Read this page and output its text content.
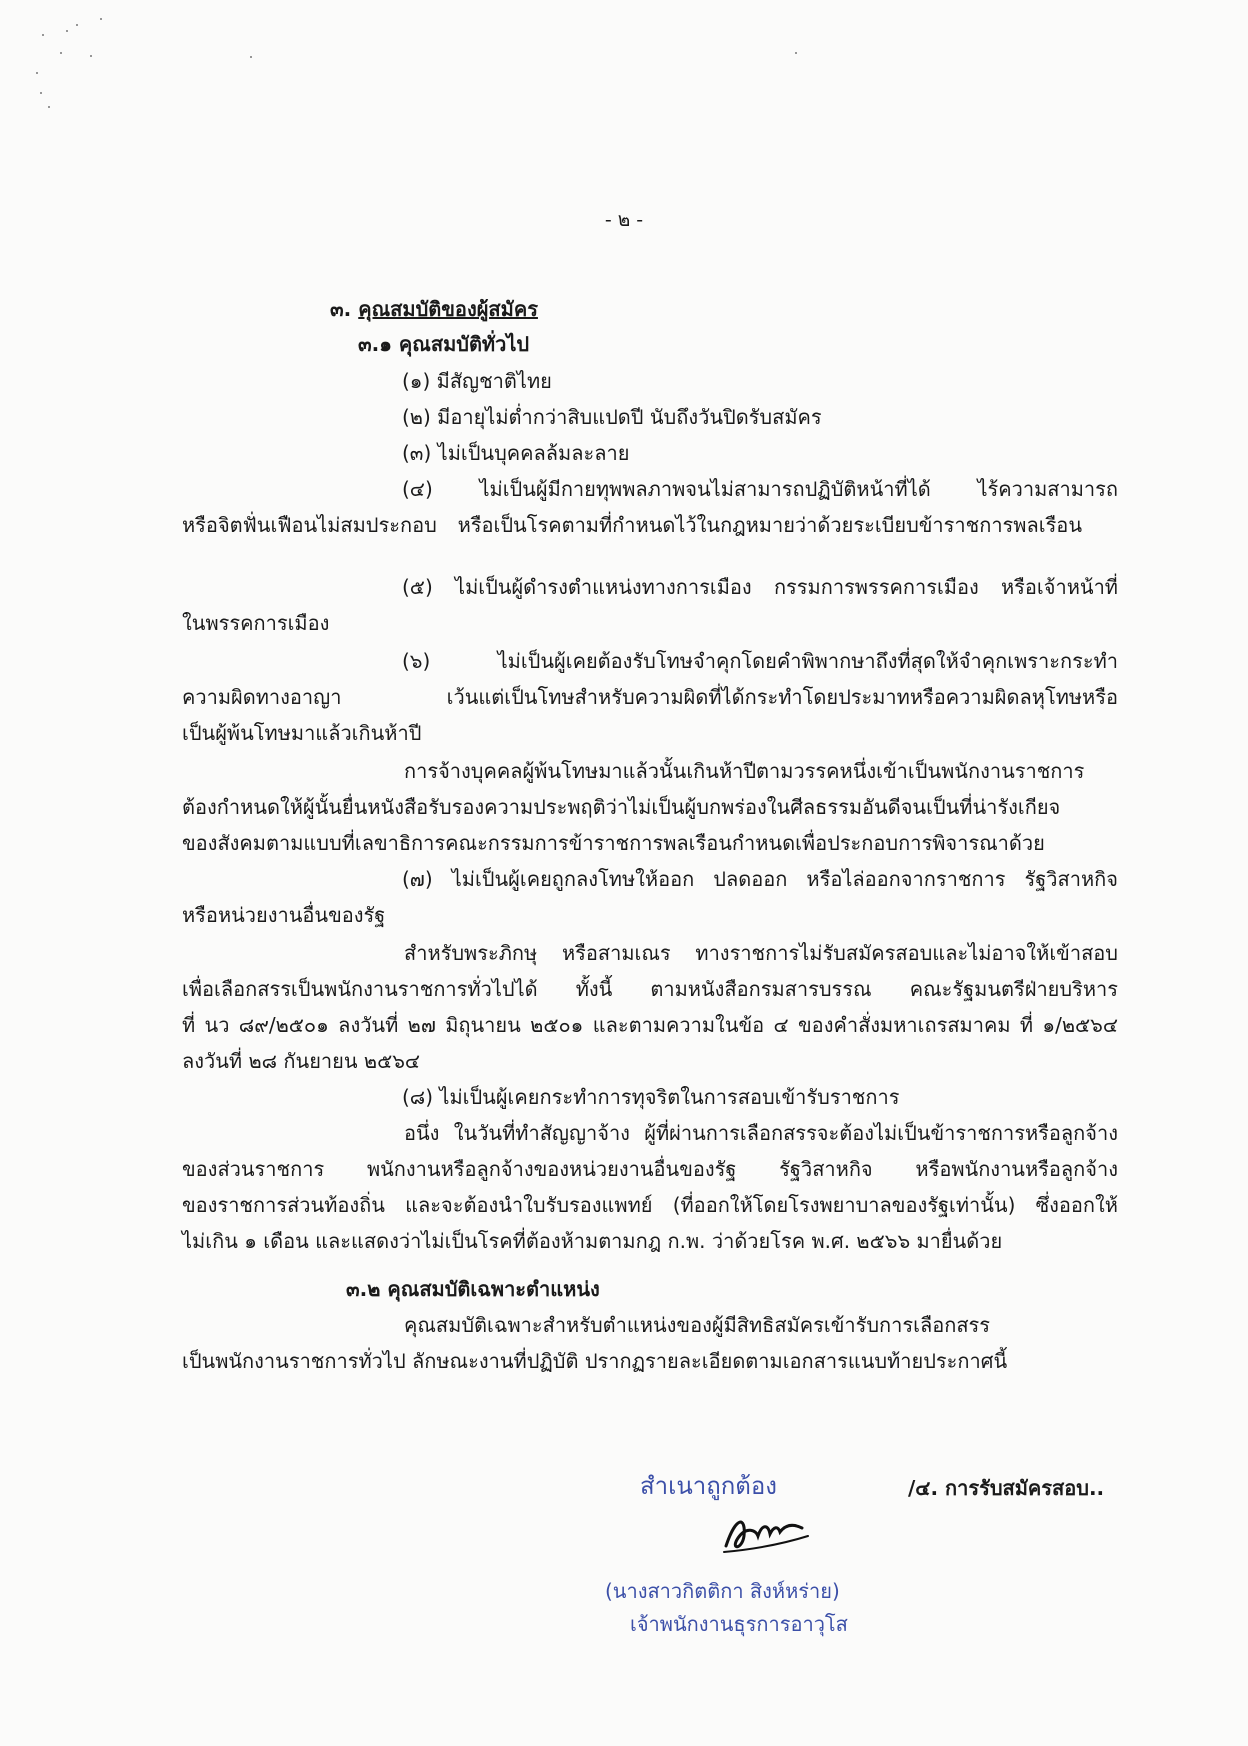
- ๒ -
๓. คุณสมบัติของผู้สมัคร
๓.๑ คุณสมบัติทั่วไป
(๑) มีสัญชาติไทย
(๒) มีอายุไม่ต่ำกว่าสิบแปดปี นับถึงวันปิดรับสมัคร
(๓) ไม่เป็นบุคคลล้มละลาย
(๔) ไม่เป็นผู้มีกายทุพพลภาพจนไม่สามารถปฏิบัติหน้าที่ได้ ไร้ความสามารถ
หรือจิตฟั่นเฟือนไม่สมประกอบ หรือเป็นโรคตามที่กำหนดไว้ในกฎหมายว่าด้วยระเบียบข้าราชการพลเรือน
(๕) ไม่เป็นผู้ดำรงตำแหน่งทางการเมือง กรรมการพรรคการเมือง หรือเจ้าหน้าที่
ในพรรคการเมือง
(๖) ไม่เป็นผู้เคยต้องรับโทษจำคุกโดยคำพิพากษาถึงที่สุดให้จำคุกเพราะกระทำ
ความผิดทางอาญา เว้นแต่เป็นโทษสำหรับความผิดที่ได้กระทำโดยประมาทหรือความผิดลหุโทษหรือ
เป็นผู้พ้นโทษมาแล้วเกินห้าปี
การจ้างบุคคลผู้พ้นโทษมาแล้วนั้นเกินห้าปีตามวรรคหนึ่งเข้าเป็นพนักงานราชการ
ต้องกำหนดให้ผู้นั้นยื่นหนังสือรับรองความประพฤติว่าไม่เป็นผู้บกพร่องในศีลธรรมอันดีจนเป็นที่น่ารังเกียจ
ของสังคมตามแบบที่เลขาธิการคณะกรรมการข้าราชการพลเรือนกำหนดเพื่อประกอบการพิจารณาด้วย
(๗) ไม่เป็นผู้เคยถูกลงโทษให้ออก ปลดออก หรือไล่ออกจากราชการ รัฐวิสาหกิจ
หรือหน่วยงานอื่นของรัฐ
สำหรับพระภิกษุ หรือสามเณร ทางราชการไม่รับสมัครสอบและไม่อาจให้เข้าสอบ
เพื่อเลือกสรรเป็นพนักงานราชการทั่วไปได้ ทั้งนี้ ตามหนังสือกรมสารบรรณ คณะรัฐมนตรีฝ่ายบริหาร
ที่ นว ๘๙/๒๕๐๑ ลงวันที่ ๒๗ มิถุนายน ๒๕๐๑ และตามความในข้อ ๔ ของคำสั่งมหาเถรสมาคม ที่ ๑/๒๕๖๔
ลงวันที่ ๒๘ กันยายน ๒๕๖๔
(๘) ไม่เป็นผู้เคยกระทำการทุจริตในการสอบเข้ารับราชการ
อนึ่ง ในวันที่ทำสัญญาจ้าง ผู้ที่ผ่านการเลือกสรรจะต้องไม่เป็นข้าราชการหรือลูกจ้าง
ของส่วนราชการ พนักงานหรือลูกจ้างของหน่วยงานอื่นของรัฐ รัฐวิสาหกิจ หรือพนักงานหรือลูกจ้าง
ของราชการส่วนท้องถิ่น และจะต้องนำใบรับรองแพทย์ (ที่ออกให้โดยโรงพยาบาลของรัฐเท่านั้น) ซึ่งออกให้
ไม่เกิน ๑ เดือน และแสดงว่าไม่เป็นโรคที่ต้องห้ามตามกฎ ก.พ. ว่าด้วยโรค พ.ศ. ๒๕๖๖ มายื่นด้วย
๓.๒ คุณสมบัติเฉพาะตำแหน่ง
คุณสมบัติเฉพาะสำหรับตำแหน่งของผู้มีสิทธิสมัครเข้ารับการเลือกสรร
เป็นพนักงานราชการทั่วไป ลักษณะงานที่ปฏิบัติ ปรากฏรายละเอียดตามเอกสารแนบท้ายประกาศนี้
สำเนาถูกต้อง
(นางสาวกิตติกา สิงห์หร่าย)
เจ้าพนักงานธุรการอาวุโส
/๔. การรับสมัครสอบ..
